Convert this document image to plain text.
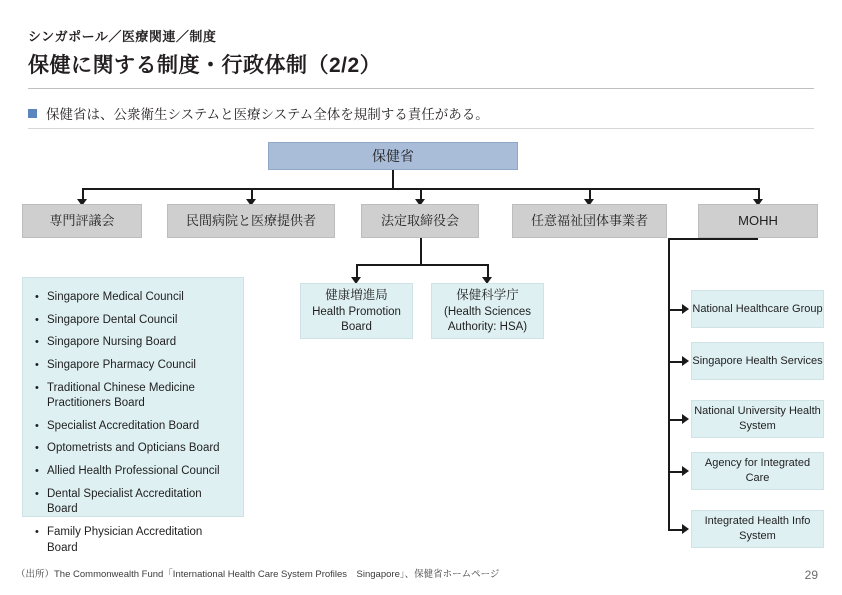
シンガポール／医療関連／制度
保健に関する制度・行政体制（2/2）
保健省は、公衆衛生システムと医療システム全体を規制する責任がある。
保健省
専門評議会	民間病院と医療提供者	法定取締役会	任意福祉団体事業者	MOHH
• Singapore Medical Council
• Singapore Dental Council
• Singapore Nursing Board
• Singapore Pharmacy Council
• Traditional Chinese Medicine Practitioners Board
• Specialist Accreditation Board
• Optometrists and Opticians Board
• Allied Health Professional Council
• Dental Specialist Accreditation Board
• Family Physician Accreditation Board
健康増進局
Health Promotion Board
保健科学庁
(Health Sciences Authority: HSA)
National Healthcare Group
Singapore Health Services
National University Health System
Agency for Integrated Care
Integrated Health Info System
（出所）The Commonwealth Fund「International Health Care System Profiles　Singapore」、保健省ホームページ	29
